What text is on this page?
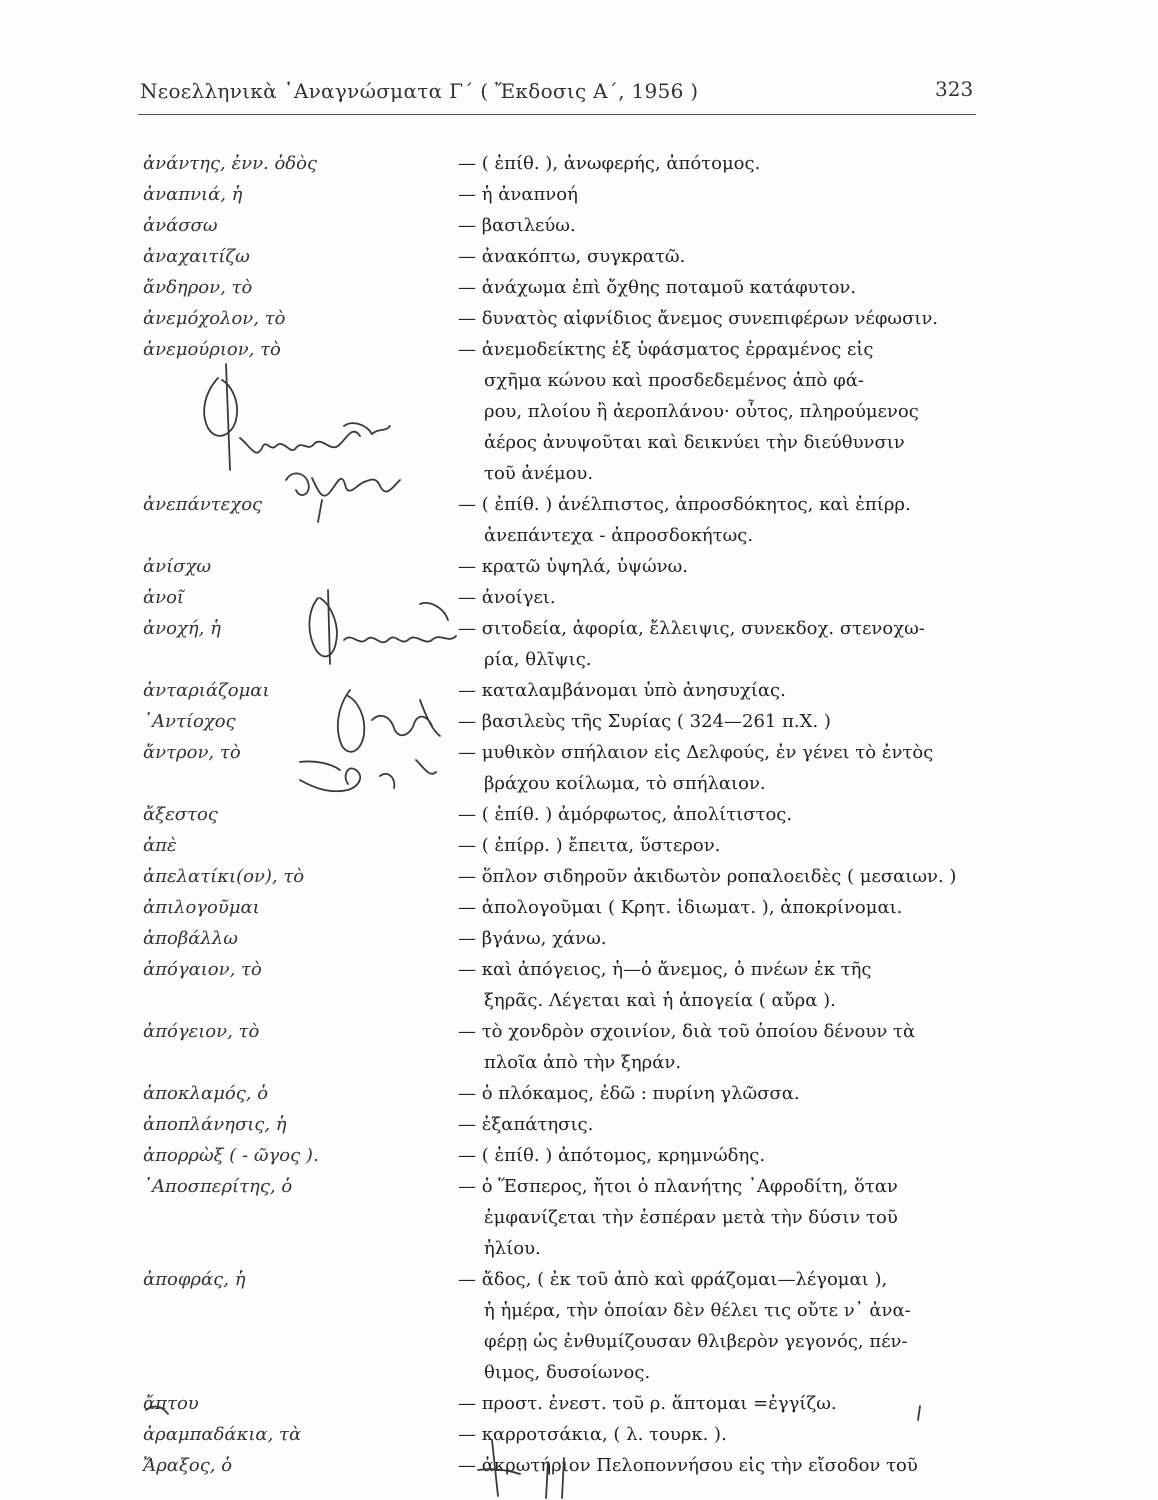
Νεοελληνικὰ ᾿Αναγνώσματα Γ΄ ( Ἔκδοσις Α΄, 1956 )	323
ἀνάντης, ἐνν. ὁδὸς	— ( ἐπίθ. ), ἀνωφερής, ἀπότομος.
ἀναπνιά, ἡ	— ἡ ἀναπνοή
ἀνάσσω	— βασιλεύω.
ἀναχαιτίζω	— ἀνακόπτω, συγκρατῶ.
ἄνδηρον, τὸ	— ἀνάχωμα ἐπὶ ὄχθης ποταμοῦ κατάφυτον.
ἀνεμόχολον, τὸ	— δυνατὸς αἰφνίδιος ἄνεμος συνεπιφέρων νέφωσιν.
ἀνεμούριον, τὸ	— ἀνεμοδείκτης ἐξ ὑφάσματος ἐρραμένος εἰς
σχῆμα κώνου καὶ προσδεδεμένος ἀπὸ φά-
ρου, πλοίου ἢ ἀεροπλάνου· οὗτος, πληρούμενος
ἀέρος ἀνυψοῦται καὶ δεικνύει τὴν διεύθυνσιν
τοῦ ἀνέμου.
ἀνεπάντεχος	— ( ἐπίθ. ) ἀνέλπιστος, ἀπροσδόκητος, καὶ ἐπίρρ.
ἀνεπάντεχα - ἀπροσδοκήτως.
ἀνίσχω	— κρατῶ ὑψηλά, ὑψώνω.
ἀνοῖ	— ἀνοίγει.
ἀνοχή, ἡ	— σιτοδεία, ἀφορία, ἔλλειψις, συνεκδοχ. στενοχω-
ρία, θλῖψις.
ἀνταριάζομαι	— καταλαμβάνομαι ὑπὸ ἀνησυχίας.
᾿Αντίοχος	— βασιλεὺς τῆς Συρίας ( 324—261 π.Χ. )
ἄντρον, τὸ	— μυθικὸν σπήλαιον εἰς Δελφούς, ἐν γένει τὸ ἐντὸς
βράχου κοίλωμα, τὸ σπήλαιον.
ἄξεστος	— ( ἐπίθ. ) ἀμόρφωτος, ἀπολίτιστος.
ἀπὲ	— ( ἐπίρρ. ) ἔπειτα, ὕστερον.
ἀπελατίκι(ον), τὸ	— ὅπλον σιδηροῦν ἀκιδωτὸν ροπαλοειδὲς ( μεσαιων. )
ἀπιλογοῦμαι	— ἀπολογοῦμαι ( Κρητ. ἰδιωματ. ), ἀποκρίνομαι.
ἀποβάλλω	— βγάνω, χάνω.
ἀπόγαιον, τὸ	— καὶ ἀπόγειος, ἡ—ὁ ἄνεμος, ὁ πνέων ἐκ τῆς
ξηρᾶς. Λέγεται καὶ ἡ ἀπογεία ( αὔρα ).
ἀπόγειον, τὸ	— τὸ χονδρὸν σχοινίον, διὰ τοῦ ὁποίου δένουν τὰ
πλοῖα ἀπὸ τὴν ξηράν.
ἀποκλαμός, ὁ	— ὁ πλόκαμος, ἐδῶ : πυρίνη γλῶσσα.
ἀποπλάνησις, ἡ	— ἐξαπάτησις.
ἀπορρὼξ ( - ῶγος ).	— ( ἐπίθ. ) ἀπότομος, κρημνώδης.
᾿Αποσπερίτης, ὁ	— ὁ Ἕσπερος, ἤτοι ὁ πλανήτης ᾿Αφροδίτη, ὅταν
ἐμφανίζεται τὴν ἑσπέραν μετὰ τὴν δύσιν τοῦ
ἡλίου.
ἀποφράς, ἡ	— ἄδος, ( ἐκ τοῦ ἀπὸ καὶ φράζομαι—λέγομαι ),
ἡ ἡμέρα, τὴν ὁποίαν δὲν θέλει τις οὔτε ν᾿ ἀνα-
φέρῃ ὡς ἐνθυμίζουσαν θλιβερὸν γεγονός, πέν-
θιμος, δυσοίωνος.
ἄπτου	— προστ. ἐνεστ. τοῦ ρ. ἅπτομαι =ἐγγίζω.
ἀραμπαδάκια, τὰ	— καρροτσάκια, ( λ. τουρκ. ).
Ἄραξος, ὁ	— ἀκρωτήριον Πελοποννήσου εἰς τὴν εἴσοδον τοῦ
